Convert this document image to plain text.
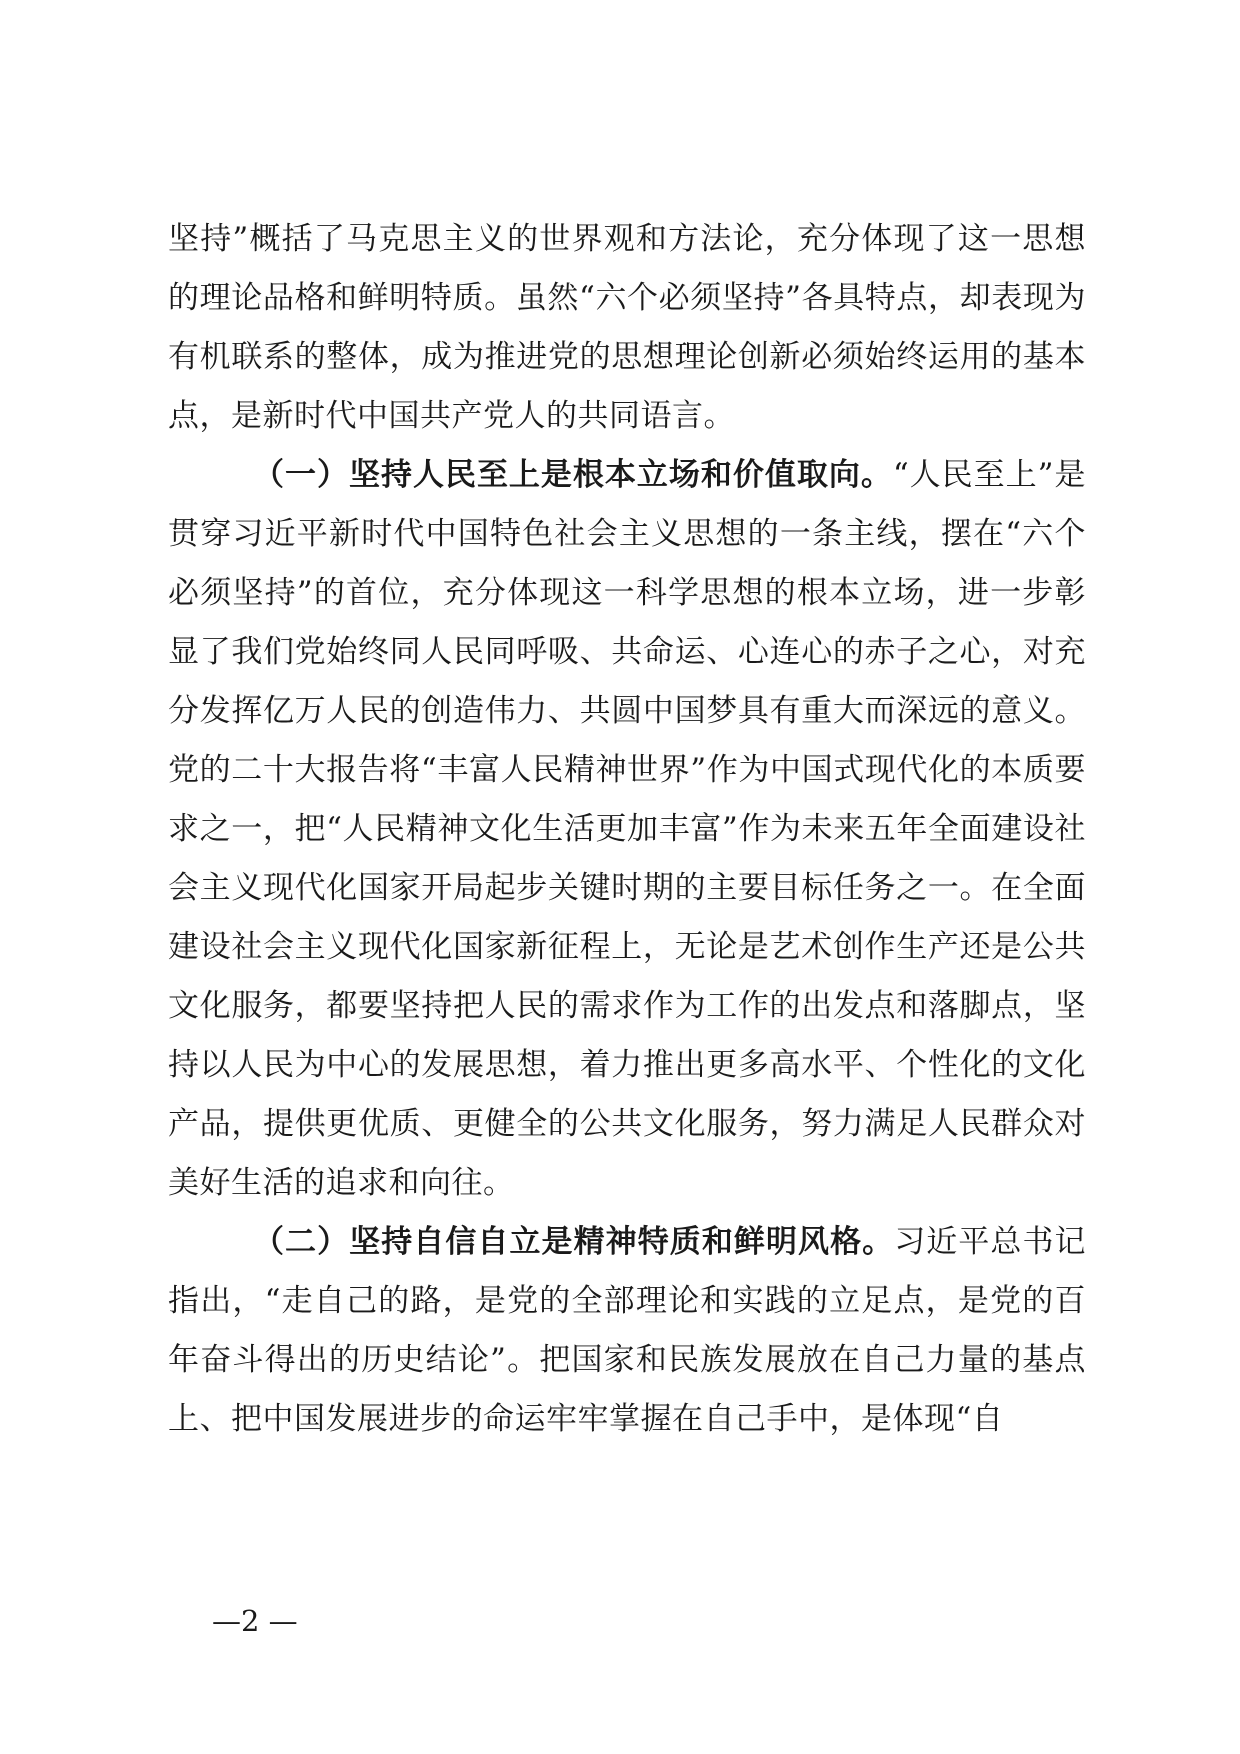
坚持”概括了马克思主义的世界观和方法论，充分体现了这一思想的理论品格和鲜明特质。虽然“六个必须坚持”各具特点，却表现为有机联系的整体，成为推进党的思想理论创新必须始终运用的基本点，是新时代中国共产党人的共同语言。

（一）坚持人民至上是根本立场和价值取向。“人民至上”是贯穿习近平新时代中国特色社会主义思想的一条主线，摆在“六个必须坚持”的首位，充分体现这一科学思想的根本立场，进一步彰显了我们党始终同人民同呼吸、共命运、心连心的赤子之心，对充分发挥亿万人民的创造伟力、共圆中国梦具有重大而深远的意义。党的二十大报告将“丰富人民精神世界”作为中国式现代化的本质要求之一，把“人民精神文化生活更加丰富”作为未来五年全面建设社会主义现代化国家开局起步关键时期的主要目标任务之一。在全面建设社会主义现代化国家新征程上，无论是艺术创作生产还是公共文化服务，都要坚持把人民的需求作为工作的出发点和落脚点，坚持以人民为中心的发展思想，着力推出更多高水平、个性化的文化产品，提供更优质、更健全的公共文化服务，努力满足人民群众对美好生活的追求和向往。

（二）坚持自信自立是精神特质和鲜明风格。习近平总书记指出，“走自己的路，是党的全部理论和实践的立足点，是党的百年奋斗得出的历史结论”。把国家和民族发展放在自己力量的基点上、把中国发展进步的命运牢牢掌握在自己手中，是体现“自

—2 —
